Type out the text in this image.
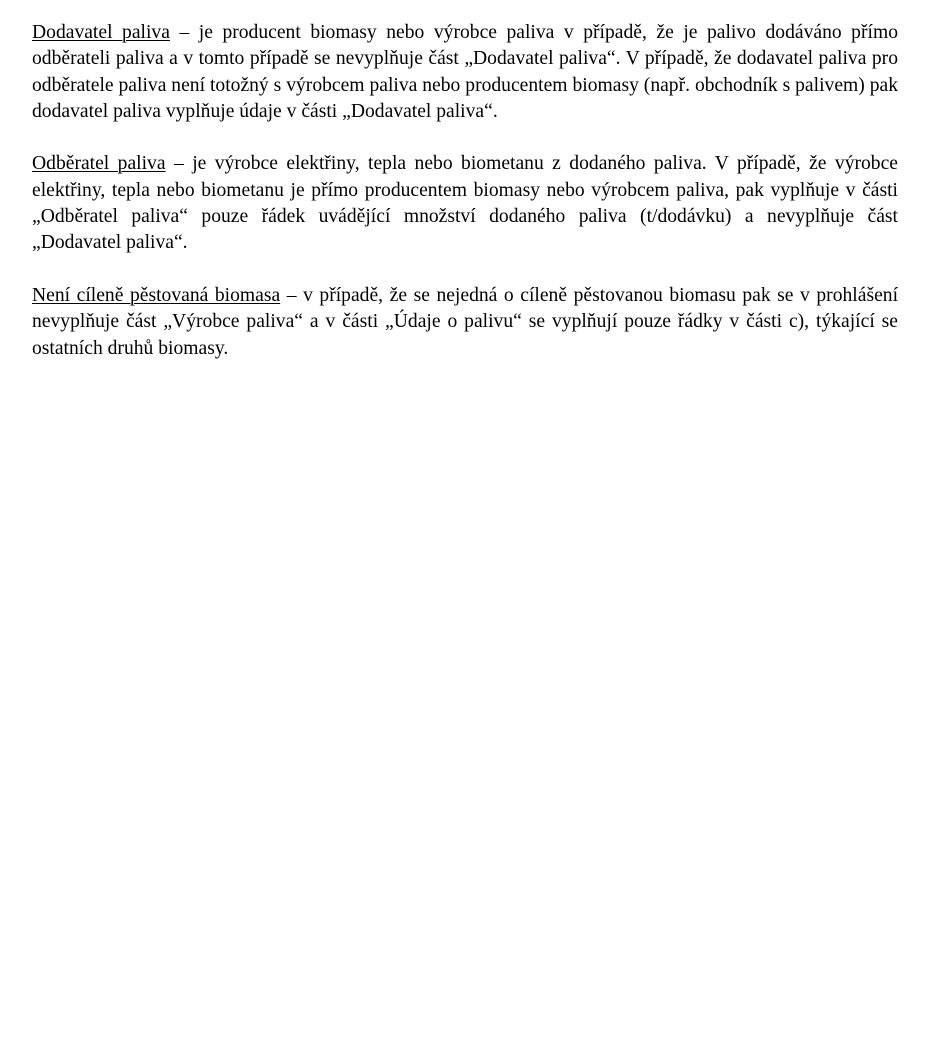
Dodavatel paliva – je producent biomasy nebo výrobce paliva v případě, že je palivo dodáváno přímo odběrateli paliva a v tomto případě se nevyplňuje část „Dodavatel paliva“. V případě, že dodavatel paliva pro odběratele paliva není totožný s výrobcem paliva nebo producentem biomasy (např. obchodník s palivem) pak dodavatel paliva vyplňuje údaje v části „Dodavatel paliva“.

Odběratel paliva – je výrobce elektřiny, tepla nebo biometanu z dodaného paliva. V případě, že výrobce elektřiny, tepla nebo biometanu je přímo producentem biomasy nebo výrobcem paliva, pak vyplňuje v části „Odběratel paliva“ pouze řádek uvádějící množství dodaného paliva (t/dodávku) a nevyplňuje část „Dodavatel paliva“.

Není cíleně pěstovaná biomasa – v případě, že se nejedná o cíleně pěstovanou biomasu pak se v prohlášení nevyplňuje část „Výrobce paliva“ a v části „Údaje o palivu“ se vyplňují pouze řádky v části c), týkající se ostatních druhů biomasy.
